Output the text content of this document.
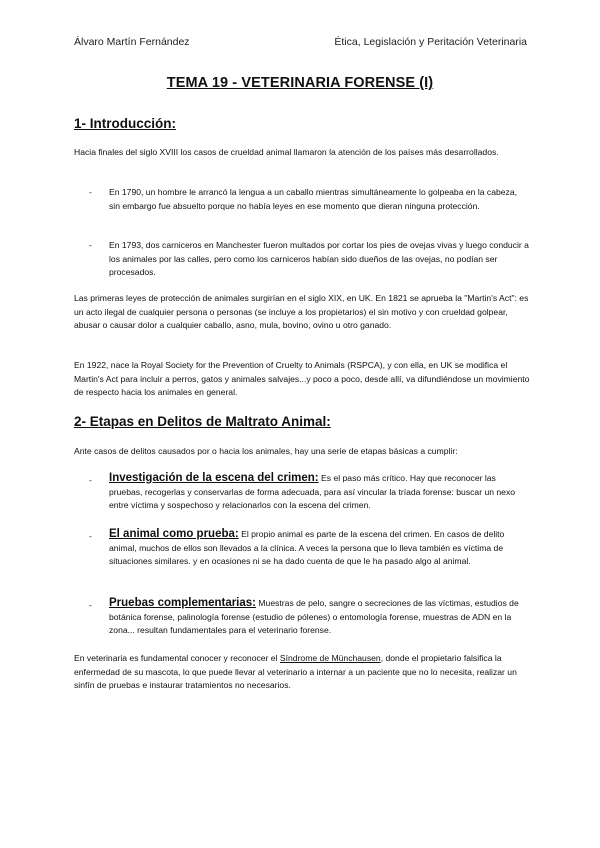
Álvaro Martín Fernández	Ética, Legislación y Peritación Veterinaria
TEMA 19 - VETERINARIA FORENSE (I)
1- Introducción:
Hacia finales del siglo XVIII los casos de crueldad animal llamaron la atención de los países más desarrollados.
- En 1790, un hombre le arrancó la lengua a un caballo mientras simultáneamente lo golpeaba en la cabeza, sin embargo fue absuelto porque no había leyes en ese momento que dieran ninguna protección.
- En 1793, dos carniceros en Manchester fueron multados por cortar los pies de ovejas vivas y luego conducir a los animales por las calles, pero como los carniceros habían sido dueños de las ovejas, no podían ser procesados.
Las primeras leyes de protección de animales surgirían en el siglo XIX, en UK. En 1821 se aprueba la "Martin's Act": es un acto ilegal de cualquier persona o personas (se incluye a los propietarios) el sin motivo y con crueldad golpear, abusar o causar dolor a cualquier caballo, asno, mula, bovino, ovino u otro ganado.
En 1922, nace la Royal Society for the Prevention of Cruelty to Animals (RSPCA), y con ella, en UK se modifica el Martin's Act para incluir a perros, gatos y animales salvajes...y poco a poco, desde allí, va difundiéndose un movimiento de respecto hacia los animales en general.
2- Etapas en Delitos de Maltrato Animal:
Ante casos de delitos causados por o hacia los animales, hay una serie de etapas básicas a cumplir:
- Investigación de la escena del crimen: Es el paso más crítico. Hay que reconocer las pruebas, recogerlas y conservarlas de forma adecuada, para así vincular la tríada forense: buscar un nexo entre víctima y sospechoso y relacionarlos con la escena del crimen.
- El animal como prueba: El propio animal es parte de la escena del crimen. En casos de delito animal, muchos de ellos son llevados a la clínica. A veces la persona que lo lleva también es víctima de situaciones similares. y en ocasiones ni se ha dado cuenta de que le ha pasado algo al animal.
- Pruebas complementarias: Muestras de pelo, sangre o secreciones de las víctimas, estudios de botánica forense, palinología forense (estudio de pólenes) o entomología forense, muestras de ADN en la zona... resultan fundamentales para el veterinario forense.
En veterinaria es fundamental conocer y reconocer el Síndrome de Münchausen, donde el propietario falsifica la enfermedad de su mascota, lo que puede llevar al veterinario a internar a un paciente que no lo necesita, realizar un sinfín de pruebas e instaurar tratamientos no necesarios.
